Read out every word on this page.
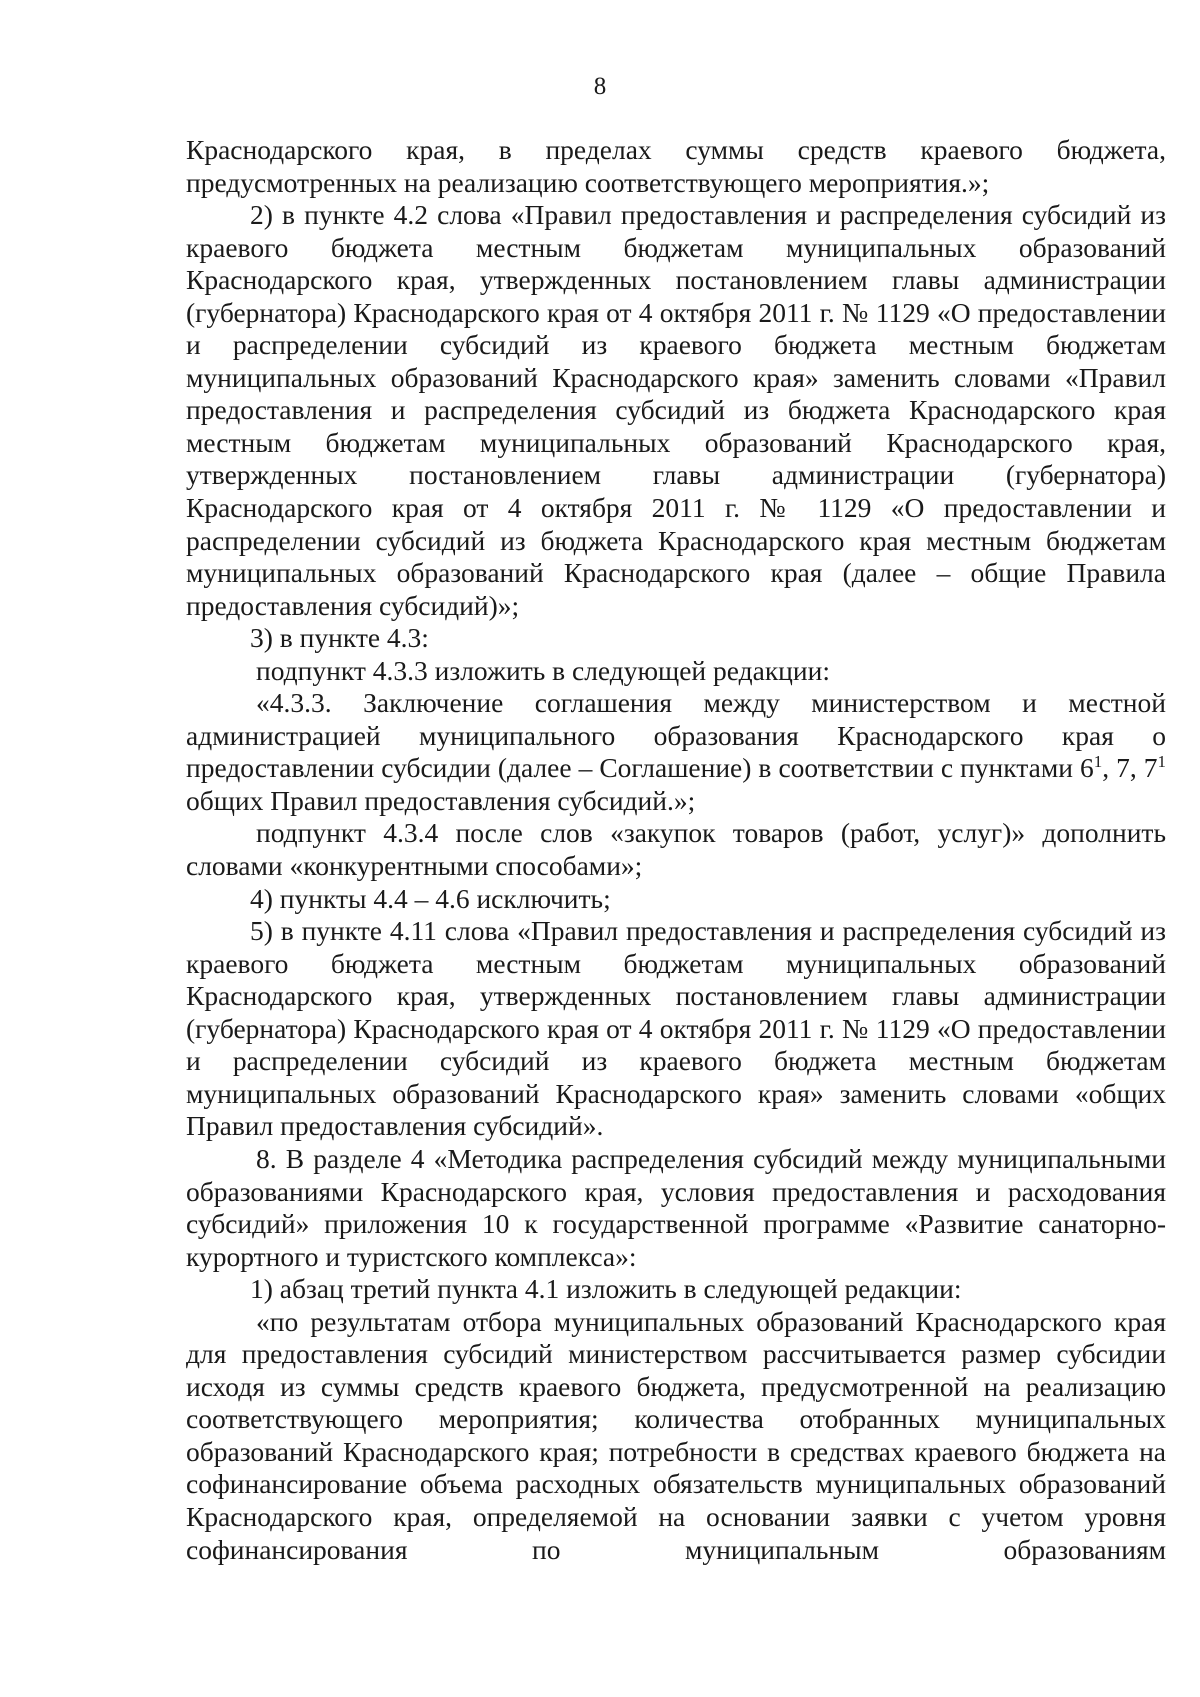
8

Краснодарского края, в пределах суммы средств краевого бюджета, предусмотренных на реализацию соответствующего мероприятия.»;

2) в пункте 4.2 слова «Правил предоставления и распределения субсидий из краевого бюджета местным бюджетам муниципальных образований Краснодарского края, утвержденных постановлением главы администрации (губернатора) Краснодарского края от 4 октября 2011 г. № 1129 «О предоставлении и распределении субсидий из краевого бюджета местным бюджетам муниципальных образований Краснодарского края» заменить словами «Правил предоставления и распределения субсидий из бюджета Краснодарского края местным бюджетам муниципальных образований Краснодарского края, утвержденных постановлением главы администрации (губернатора) Краснодарского края от 4 октября 2011 г. № 1129 «О предоставлении и распределении субсидий из бюджета Краснодарского края местным бюджетам муниципальных образований Краснодарского края (далее – общие Правила предоставления субсидий)»;

3) в пункте 4.3:

подпункт 4.3.3 изложить в следующей редакции:

«4.3.3. Заключение соглашения между министерством и местной администрацией муниципального образования Краснодарского края о предоставлении субсидии (далее – Соглашение) в соответствии с пунктами $6^1$, 7, $7^1$ общих Правил предоставления субсидий.»;

подпункт 4.3.4 после слов «закупок товаров (работ, услуг)» дополнить словами «конкурентными способами»;

4) пункты 4.4 – 4.6 исключить;

5) в пункте 4.11 слова «Правил предоставления и распределения субсидий из краевого бюджета местным бюджетам муниципальных образований Краснодарского края, утвержденных постановлением главы администрации (губернатора) Краснодарского края от 4 октября 2011 г. № 1129 «О предоставлении и распределении субсидий из краевого бюджета местным бюджетам муниципальных образований Краснодарского края» заменить словами «общих Правил предоставления субсидий».

8. В разделе 4 «Методика распределения субсидий между муниципальными образованиями Краснодарского края, условия предоставления и расходования субсидий» приложения 10 к государственной программе «Развитие санаторно-курортного и туристского комплекса»:

1) абзац третий пункта 4.1 изложить в следующей редакции:

«по результатам отбора муниципальных образований Краснодарского края для предоставления субсидий министерством рассчитывается размер субсидии исходя из суммы средств краевого бюджета, предусмотренной на реализацию соответствующего мероприятия; количества отобранных муниципальных образований Краснодарского края; потребности в средствах краевого бюджета на софинансирование объема расходных обязательств муниципальных образований Краснодарского края, определяемой на основании заявки с учетом уровня софинансирования по муниципальным образованиям
